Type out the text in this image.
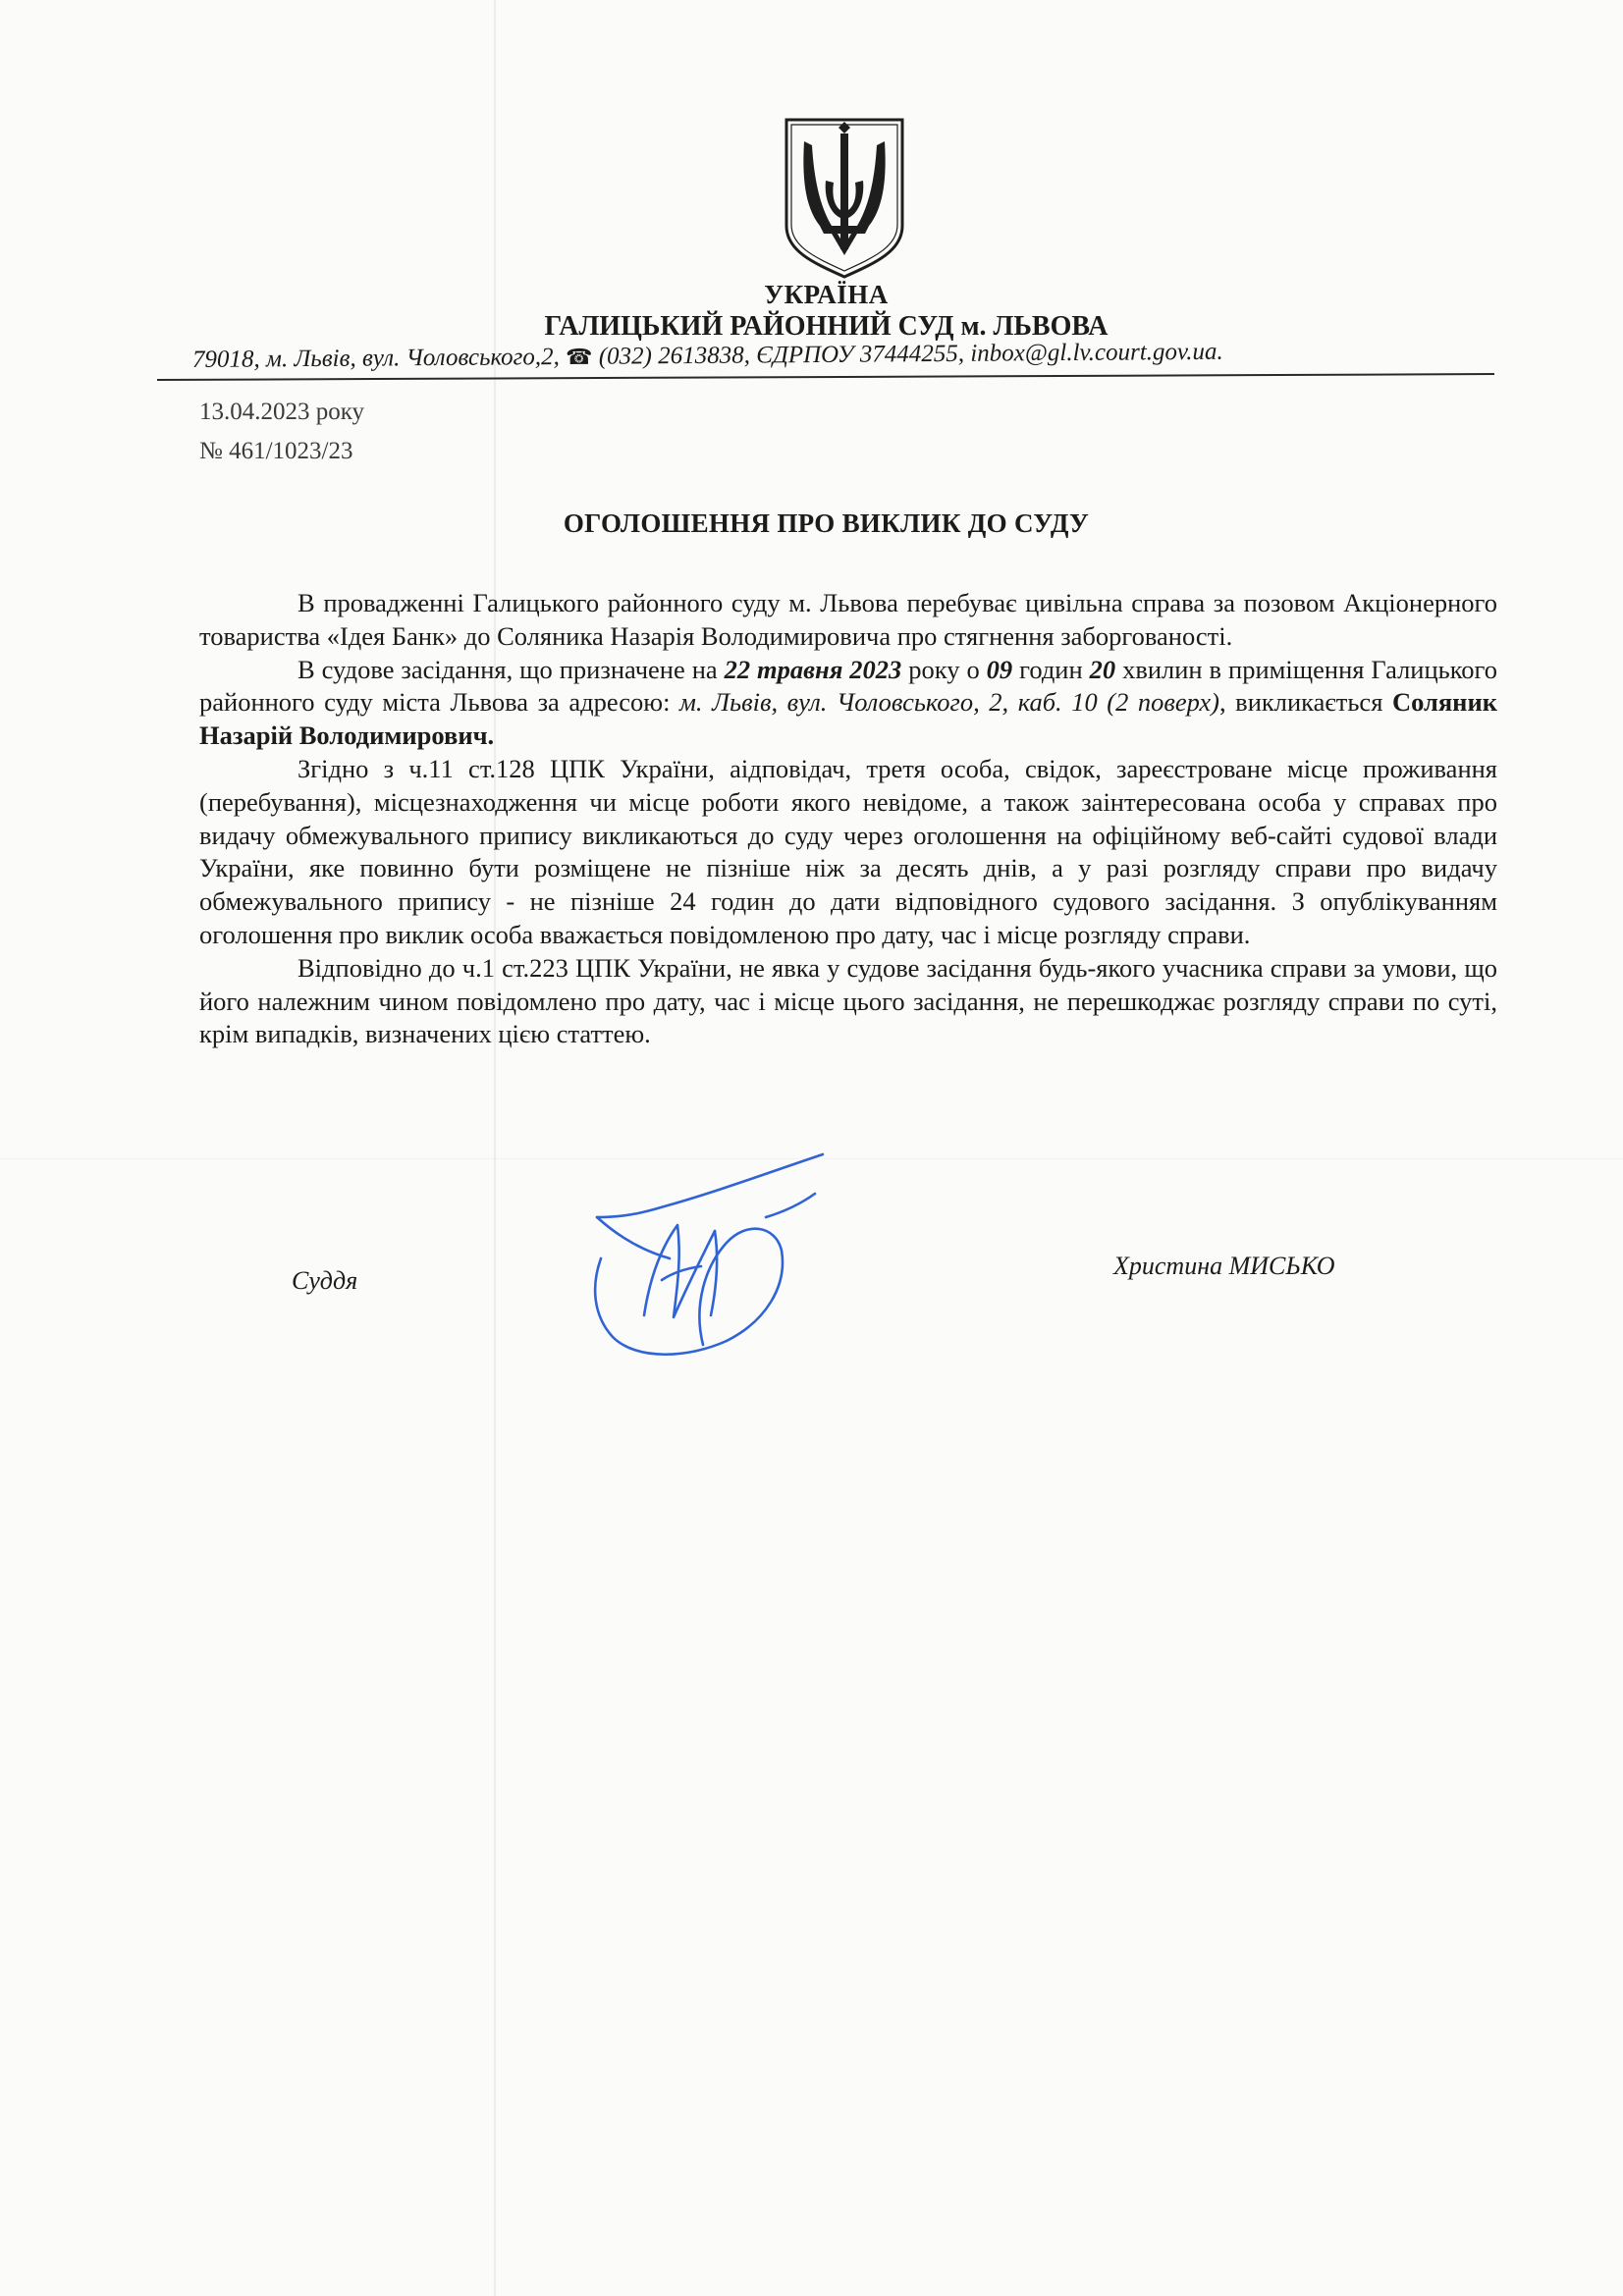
УКРАЇНА
ГАЛИЦЬКИЙ РАЙОННИЙ СУД м. ЛЬВОВА
79018, м. Львів, вул. Чоловського,2, ☎ (032) 2613838, ЄДРПОУ 37444255, inbox@gl.lv.court.gov.ua.
13.04.2023 року
№ 461/1023/23
ОГОЛОШЕННЯ ПРО ВИКЛИК ДО СУДУ

В провадженні Галицького районного суду м. Львова перебуває цивільна справа за позовом Акціонерного товариства «Ідея Банк» до Соляника Назарія Володимировича про стягнення заборгованості.

В судове засідання, що призначене на 22 травня 2023 року о 09 годин 20 хвилин в приміщення Галицького районного суду міста Львова за адресою: м. Львів, вул. Чоловського, 2, каб. 10 (2 поверх), викликається Соляник Назарій Володимирович.

Згідно з ч.11 ст.128 ЦПК України, аідповідач, третя особа, свідок, зареєстроване місце проживання (перебування), місцезнаходження чи місце роботи якого невідоме, а також заінтересована особа у справах про видачу обмежувального припису викликаються до суду через оголошення на офіційному веб-сайті судової влади України, яке повинно бути розміщене не пізніше ніж за десять днів, а у разі розгляду справи про видачу обмежувального припису - не пізніше 24 годин до дати відповідного судового засідання. З опублікуванням оголошення про виклик особа вважається повідомленою про дату, час і місце розгляду справи.

Відповідно до ч.1 ст.223 ЦПК України, не явка у судове засідання будь-якого учасника справи за умови, що його належним чином повідомлено про дату, час і місце цього засідання, не перешкоджає розгляду справи по суті, крім випадків, визначених цією статтею.

Суддя
Христина МИСЬКО
